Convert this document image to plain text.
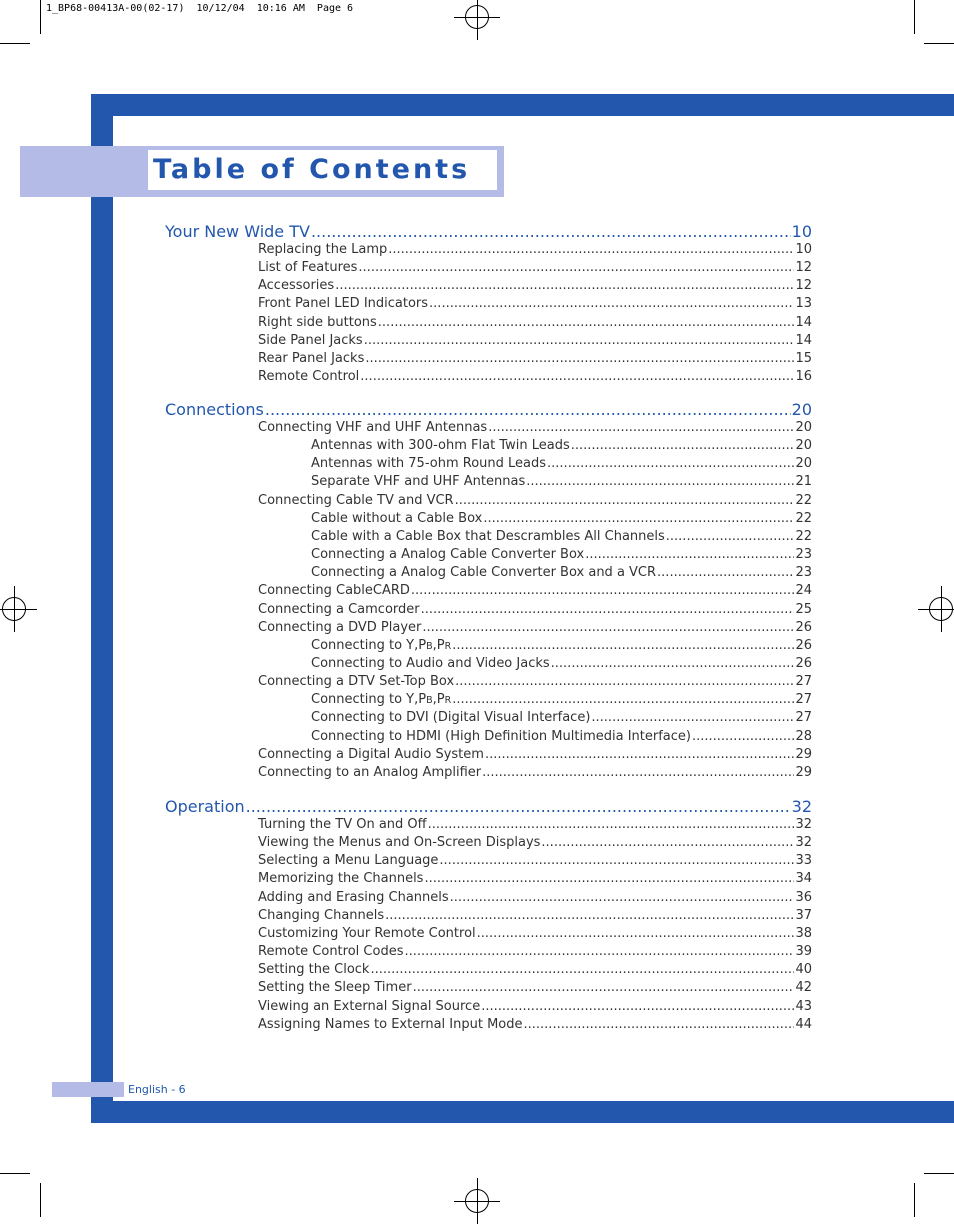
1_BP68-00413A-00(02-17)  10/12/04  10:16 AM  Page 6
English - 6
Table of Contents
Your New Wide TV .....	10
Replacing the Lamp .....	10
List of Features .....	12
Accessories .....	12
Front Panel LED Indicators .....	13
Right side buttons .....	14
Side Panel Jacks .....	14
Rear Panel Jacks .....	15
Remote Control .....	16
Connections .....	20
Connecting VHF and UHF Antennas .....	20
Antennas with 300-ohm Flat Twin Leads .....	20
Antennas with 75-ohm Round Leads .....	20
Separate VHF and UHF Antennas .....	21
Connecting Cable TV and VCR .....	22
Cable without a Cable Box .....	22
Cable with a Cable Box that Descrambles All Channels .....	22
Connecting a Analog Cable Converter Box .....	23
Connecting a Analog Cable Converter Box and a VCR .....	23
Connecting CableCARD .....	24
Connecting a Camcorder .....	25
Connecting a DVD Player .....	26
Connecting to Y,PB,PR .....	26
Connecting to Audio and Video Jacks .....	26
Connecting a DTV Set-Top Box .....	27
Connecting to Y,PB,PR .....	27
Connecting to DVI (Digital Visual Interface) .....	27
Connecting to HDMI (High Definition Multimedia Interface) .....	28
Connecting a Digital Audio System .....	29
Connecting to an Analog Amplifier .....	29
Operation .....	32
Turning the TV On and Off .....	32
Viewing the Menus and On-Screen Displays .....	32
Selecting a Menu Language .....	33
Memorizing the Channels .....	34
Adding and Erasing Channels .....	36
Changing Channels .....	37
Customizing Your Remote Control .....	38
Remote Control Codes .....	39
Setting the Clock .....	40
Setting the Sleep Timer .....	42
Viewing an External Signal Source .....	43
Assigning Names to External Input Mode .....	44
